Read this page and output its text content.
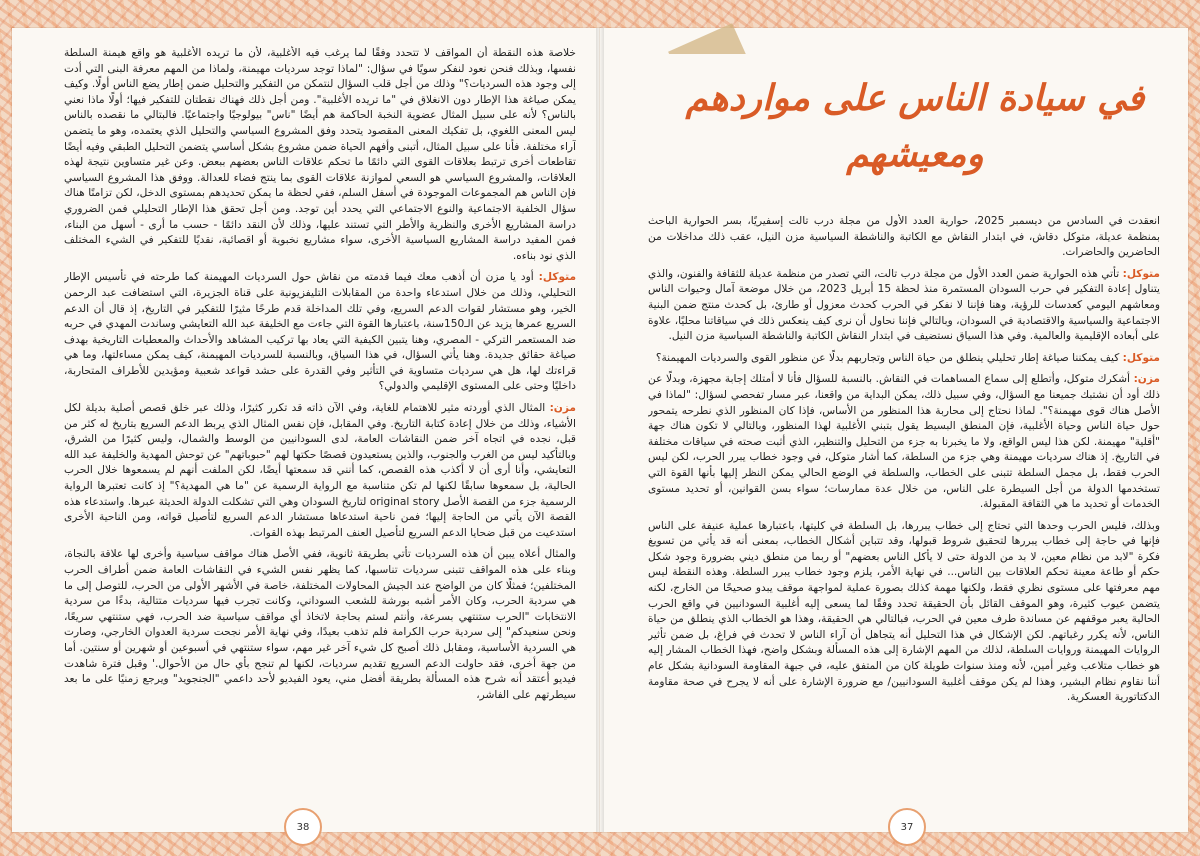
خلاصة هذه النقطة أن المواقف لا تتحدد وفقًا لما يرغب فيه الأغلبية، لأن ما تريده الأغلبية هو واقع هيمنة السلطة نفسها، وبذلك فنحن نعود لنفكر سويًا في سؤال: "لماذا توجد سرديات مهيمنة، ولماذا من المهم معرفة البنى التي أدت إلى وجود هذه السرديات؟" وذلك من أجل قلب السؤال لنتمكن من التفكير والتحليل ضمن إطار يضع الناس أولًا. وكيف يمكن صياغة هذا الإطار دون الانغلاق في "ما تريده الأغلبية". ومن أجل ذلك فهناك نقطتان للتفكير فيها؛ أولًا ماذا نعني بالناس؟ لأنه على سبيل المثال عضوية النخبة الحاكمة هم أيضًا "ناس" بيولوجيًا واجتماعيًا. فالبتالي ما نقصده بالناس ليس المعنى اللغوي، بل تفكيك المعنى المقصود يتحدد وفق المشروع السياسي والتحليل الذي يعتمده، وهو ما يتضمن آراء مختلفة. فأنا على سبيل المثال، أتبنى وأفهم الحياة ضمن مشروع بشكل أساسي يتضمن التحليل الطبقي وفيه أيضًا تقاطعات أخرى ترتبط بعلاقات القوى التي دائمًا ما تحكم علاقات الناس بعضهم ببعض. وعن غير متساوين نتيجة لهذه العلاقات، والمشروع السياسي هو السعي لموازنة علاقات القوى بما ينتج فضاء للعدالة. ووفق هذا المشروع السياسي فإن الناس هم المجموعات الموجودة في أسفل السلم، ففي لحظة ما يمكن تحديدهم بمستوى الدخل، لكن تزامنًا هناك سؤال الخلفية الاجتماعية والنوع الاجتماعي التي يحدد أين توجد. ومن أجل تحقق هذا الإطار التحليلي فمن الضروري دراسة المشاريع الأخرى والنظرية والأطر التي تستند عليها، وذلك لأن النقد دائمًا - حسب ما أرى - أسهل من البناء، فمن المفيد دراسة المشاريع السياسية الأخرى، سواء مشاريع نخبوية أو اقصائية، نقديًا للتفكير في الشيء المختلف الذي نود بناءه.

متوكل: أود يا مزن أن أذهب معك فيما قدمته من نقاش حول السرديات المهيمنة كما طرحته في تأسيس الإطار التحليلي، وذلك من خلال استدعاء واحدة من المقابلات التليفزيونية على قناة الجزيرة، التي استضافت عبد الرحمن الخير، وهو مستشار لقوات الدعم السريع، وفي تلك المداخلة قدم طرحًا مثيرًا للتفكير في التاريخ، إذ قال أن الدعم السريع عمرها يزيد عن الـ150سنة، باعتبارها القوة التي جاءت مع الخليفة عبد الله التعايشي وساندت المهدي في حربه ضد المستعمر التركي - المصري، وهنا يتبين الكيفية التي يعاد بها تركيب المشاهد والأحداث والمعطيات التاريخية بهدف صياغة حقائق جديدة. وهنا يأتي السؤال، في هذا السياق، وبالنسبة للسرديات المهيمنة، كيف يمكن مساءلتها، وما هي قراءتك لها، هل هي سرديات متساوية في التأثير وفي القدرة على حشد قواعد شعبية ومؤيدين للأطراف المتحاربة، داخليًا وحتى على المستوى الإقليمي والدولي؟

مزن: المثال الذي أوردته مثير للاهتمام للغاية، وفي الآن ذاته قد تكرر كثيرًا، وذلك عبر خلق قصص أصلية بديلة لكل الأشياء، وذلك من خلال إعادة كتابة التاريخ. وفي المقابل، فإن نفس المثال الذي يربط الدعم السريع بتاريخ له كثر من قبل، نجده في اتجاه آخر ضمن النقاشات العامة، لدى السودانيين من الوسط والشمال، وليس كثيرًا من الشرق، وبالتأكيد ليس من الغرب والجنوب، والذين يستعيدون قصصًا حكتها لهم "حبوباتهم" عن توحش المهدية والخليفة عبد الله التعايشي، وأنا أرى أن لا أكذب هذه القصص، كما أنني قد سمعتها أيضًا، لكن الملفت أنهم لم يسمعوها خلال الحرب الحالية، بل سمعوها سابقًا لكنها لم تكن متناسبة مع الرواية الرسمية عن "ما هي المهدية؟" إذ كانت تعتبرها الرواية الرسمية جزء من القصة الأصل original story لتاريخ السودان وهي التي تشكلت الدولة الحديثة عبرها. واستدعاء هذه القصة الآن يأتي من الحاجة إليها؛ فمن ناحية استدعاها مستشار الدعم السريع لتأصيل قواته، ومن الناحية الأخرى استدعيت من قبل ضحايا الدعم السريع لتأصيل العنف المرتبط بهذه القوات.

والمثال أعلاه يبين أن هذه السرديات تأتي بطريقة ثانوية، ففي الأصل هناك مواقف سياسية وأخرى لها علاقة بالنجاة، وبناء على هذه المواقف تتبنى سرديات تناسبها، كما يظهر نفس الشيء في النقاشات العامة ضمن أطراف الحرب المختلفين؛ فمثلًا كان من الواضح عند الجيش المحاولات المختلفة، خاصة في الأشهر الأولى من الحرب، للتوصل إلى ما هي سردية الحرب، وكان الأمر أشبه بورشة للشعب السوداني، وكانت تجرب فيها سرديات متتالية، بدءًا من سردية الانتخابات "الحرب ستنتهي بسرعة، وأنتم لستم بحاجة لاتخاذ أي مواقف سياسية ضد الحرب، فهي ستنتهي سريعًا، ونحن سنعيدكم" إلى سردية حرب الكرامة فلم تذهب بعيدًا، وفي نهاية الأمر نجحت سردية العدوان الخارجي، وصارت هي السردية الأساسية، ومقابل ذلك أصبح كل شيء آخر غير مهم، سواء ستنتهي في أسبوعين أو شهرين أو سنتين. أما من جهة أخرى، فقد حاولت الدعم السريع تقديم سرديات، لكنها لم تنجح بأي حال من الأحوال.' وقبل فترة شاهدت فيديو أعتقد أنه شرح هذه المسألة بطريقة أفضل مني، يعود الفيديو لأحد داعمي "الجنجويد" ويرجع زمنيًا على ما بعد سيطرتهم على الفاشر،

في سيادة الناس على مواردهم ومعيشهم

انعقدت في السادس من ديسمبر 2025، حوارية العدد الأول من مجلة درب تالت إسفيريًا، بسر الحوارية الباحث بمنظمة عديلة، متوكل دقاش، في ابتدار النقاش مع الكاتبة والناشطة السياسية مزن النيل، عقب ذلك مداخلات من الحاضرين والحاضرات.

متوكل: تأتي هذه الحوارية ضمن العدد الأول من مجلة درب تالت، التي تصدر من منظمة عديلة للثقافة والفنون، والذي يتناول إعادة التفكير في حرب السودان المستمرة منذ لحظة 15 أبريل 2023، من خلال موضعة آمال وحيوات الناس ومعاشهم اليومي كعدسات للرؤية، وهنا فإننا لا نفكر في الحرب كحدث معزول أو طارئ، بل كحدث منتج ضمن البنية الاجتماعية والسياسية والاقتصادية في السودان، وبالتالي فإننا نحاول أن نرى كيف ينعكس ذلك في سياقاتنا محليًا، علاوة على أبعاده الإقليمية والعالمية. وفي هذا السياق نستضيف في ابتدار النقاش الكاتبة والناشطة السياسية مزن النيل.

متوكل: كيف يمكننا صياغة إطار تحليلي ينطلق من حياة الناس وتجاربهم بدلًا عن منظور القوى والسرديات المهيمنة؟

مزن: أشكرك متوكل، وأتطلع إلى سماع المساهمات في النقاش. بالنسبة للسؤال فأنا لا أمتلك إجابة مجهزة، وبدلًا عن ذلك أود أن نشتبك جميعنا مع السؤال، وفي سبيل ذلك، يمكن البداية من واقعنا، عبر مسار تفحصي لسؤال: "لماذا في الأصل هناك قوى مهيمنة؟". لماذا نحتاج إلى محاربة هذا المنظور من الأساس، فإذا كان المنظور الذي نطرحه يتمحور حول حياة الناس وحياة الأغلبية، فإن المنطق البسيط يقول بتبني الأغلبية لهذا المنظور، وبالتالي لا تكون هناك جهة "أقلية" مهيمنة. لكن هذا ليس الواقع، ولا ما يخبرنا به جزء من التحليل والتنظير، الذي أثبت صحته في سياقات مختلفة في التاريخ. إذ هناك سرديات مهيمنة وهي جزء من السلطة، كما أشار متوكل، في وجود خطاب يبرر الحرب، لكن ليس الحرب فقط، بل مجمل السلطة تتبنى على الخطاب، والسلطة في الوضع الحالي يمكن النظر إليها بأنها القوة التي تستخدمها الدولة من أجل السيطرة على الناس، من خلال عدة ممارسات؛ سواء بسن القوانين، أو تحديد مستوى الخدمات أو تحديد ما هي الثقافة المقبولة.

وبذلك، فليس الحرب وحدها التي تحتاج إلى خطاب يبررها، بل السلطة في كليتها، باعتبارها عملية عنيفة على الناس فإنها في حاجة إلى خطاب يبررها لتحقيق شروط قبولها، وقد تتباين أشكال الخطاب، بمعنى أنه قد يأتي من تسويغ فكرة "لابد من نظام معين، لا بد من الدولة حتى لا يأكل الناس بعضهم" أو ربما من منطق ديني بضرورة وجود شكل حكم أو طاعة معينة تحكم العلاقات بين الناس... في نهاية الأمر، يلزم وجود خطاب يبرر السلطة. وهذه النقطة ليس مهم معرفتها على مستوى نظري فقط، ولكنها مهمة كذلك بصورة عملية لمواجهة موقف يبدو صحيحًا من الخارج، لكنه يتضمن عيوب كثيرة، وهو الموقف القائل بأن الحقيقة تحدد وفقًا لما يسعى إليه أغلبية السودانيين في واقع الحرب الحالية يعبر موقفهم عن مساندة طرف معين في الحرب، فبالتالي هي الحقيقة، وهذا هو الخطاب الذي ينطلق من حياة الناس، لأنه يكرر رغباتهم. لكن الإشكال في هذا التحليل أنه يتجاهل أن آراء الناس لا تحدث في فراغ، بل ضمن تأثير الروايات المهيمنة وروايات السلطة، لذلك من المهم الإشارة إلى هذه المسألة وبشكل واضح، فهذا الخطاب المشار إليه هو خطاب متلاعب وغير أمين، لأنه ومنذ سنوات طويلة كان من المتفق عليه، في جبهة المقاومة السودانية بشكل عام أننا نقاوم نظام البشير، وهذا لم يكن موقف أغلبية السودانيين/ مع ضرورة الإشارة على أنه لا يجرح في صحة مقاومة الدكتاتورية العسكرية.

38	37
